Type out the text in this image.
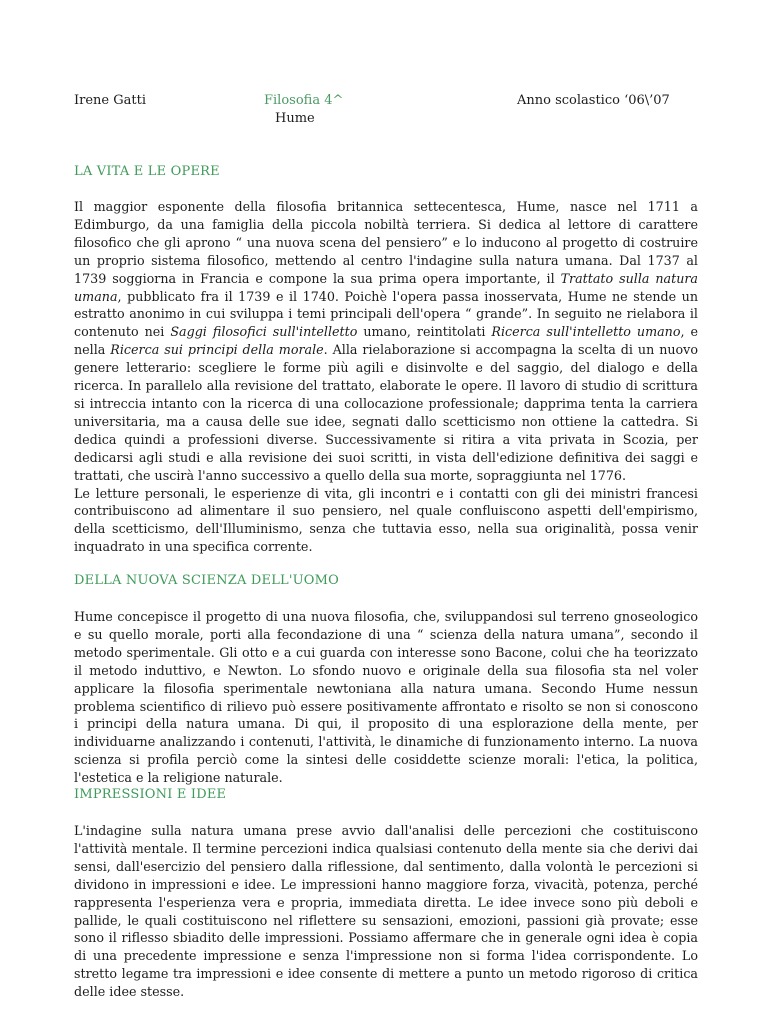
Irene Gatti	Filosofia 4^	Anno scolastico ‘06\’07
Hume
LA VITA E LE OPERE

Il maggior esponente della filosofia britannica settecentesca, Hume, nasce nel 1711 a Edimburgo, da una famiglia della piccola nobiltà terriera. Si dedica al lettore di carattere filosofico che gli aprono “ una nuova scena del pensiero” e lo inducono al progetto di costruire un proprio sistema filosofico, mettendo al centro l'indagine sulla natura umana. Dal 1737 al 1739 soggiorna in Francia e compone la sua prima opera importante, il Trattato sulla natura umana, pubblicato fra il 1739 e il 1740. Poichè l'opera passa inosservata, Hume ne stende un estratto anonimo in cui sviluppa i temi principali dell'opera “ grande”. In seguito ne rielabora il contenuto nei Saggi filosofici sull'intelletto umano, reintitolati Ricerca sull'intelletto umano, e nella Ricerca sui principi della morale. Alla rielaborazione si accompagna la scelta di un nuovo genere letterario: scegliere le forme più agili e disinvolte e del saggio, del dialogo e della ricerca. In parallelo alla revisione del trattato, elaborate le opere. Il lavoro di studio di scrittura si intreccia intanto con la ricerca di una collocazione professionale; dapprima tenta la carriera universitaria, ma a causa delle sue idee, segnati dallo scetticismo non ottiene la cattedra. Si dedica quindi a professioni diverse. Successivamente si ritira a vita privata in Scozia, per dedicarsi agli studi e alla revisione dei suoi scritti, in vista dell'edizione definitiva dei saggi e trattati, che uscirà l'anno successivo a quello della sua morte, sopraggiunta nel 1776.

Le letture personali, le esperienze di vita, gli incontri e i contatti con gli dei ministri francesi contribuiscono ad alimentare il suo pensiero, nel quale confluiscono aspetti dell'empirismo, della scetticismo, dell'Illuminismo, senza che tuttavia esso, nella sua originalità, possa venir inquadrato in una specifica corrente.

DELLA NUOVA SCIENZA DELL'UOMO

Hume concepisce il progetto di una nuova filosofia, che, sviluppandosi sul terreno gnoseologico e su quello morale, porti alla fecondazione di una “ scienza della natura umana”, secondo il metodo sperimentale. Gli otto e a cui guarda con interesse sono Bacone, colui che ha teorizzato il metodo induttivo, e Newton. Lo sfondo nuovo e originale della sua filosofia sta nel voler applicare la filosofia sperimentale newtoniana alla natura umana. Secondo Hume nessun problema scientifico di rilievo può essere positivamente affrontato e risolto se non si conoscono i principi della natura umana. Di qui, il proposito di una esplorazione della mente, per individuarne analizzando i contenuti, l'attività, le dinamiche di funzionamento interno. La nuova scienza si profila perciò come la sintesi delle cosiddette scienze morali: l'etica, la politica, l'estetica e la religione naturale.

IMPRESSIONI E IDEE

L'indagine sulla natura umana prese avvio dall'analisi delle percezioni che costituiscono l'attività mentale. Il termine percezioni indica qualsiasi contenuto della mente sia che derivi dai sensi, dall'esercizio del pensiero dalla riflessione, dal sentimento, dalla volontà le percezioni si dividono in impressioni e idee. Le impressioni hanno maggiore forza, vivacità, potenza, perché rappresenta l'esperienza vera e propria, immediata diretta. Le idee invece sono più deboli e pallide, le quali costituiscono nel riflettere su sensazioni, emozioni, passioni già provate; esse sono il riflesso sbiadito delle impressioni. Possiamo affermare che in generale ogni idea è copia di una precedente impressione e senza l'impressione non si forma l'idea corrispondente. Lo stretto legame tra impressioni e idee consente di mettere a punto un metodo rigoroso di critica delle idee stesse.
